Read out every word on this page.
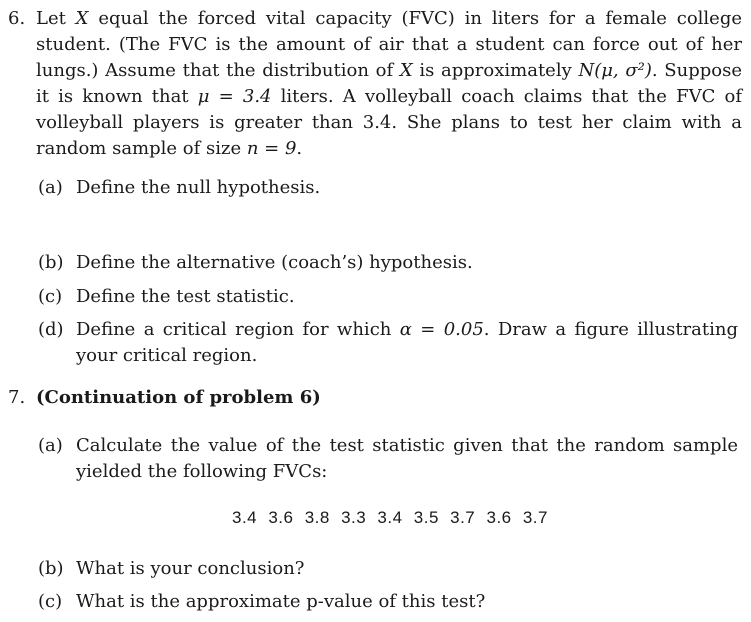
6. Let X equal the forced vital capacity (FVC) in liters for a female college student. (The FVC is the amount of air that a student can force out of her lungs.) Assume that the distribution of X is approximately N(μ, σ²). Suppose it is known that μ = 3.4 liters. A volleyball coach claims that the FVC of volleyball players is greater than 3.4. She plans to test her claim with a random sample of size n = 9.
(a) Define the null hypothesis.
(b) Define the alternative (coach’s) hypothesis.
(c) Define the test statistic.
(d) Define a critical region for which α = 0.05. Draw a figure illustrating your critical region.
7. (Continuation of problem 6)
(a) Calculate the value of the test statistic given that the random sample yielded the following FVCs:
3.4 3.6 3.8 3.3 3.4 3.5 3.7 3.6 3.7
(b) What is your conclusion?
(c) What is the approximate p-value of this test?
